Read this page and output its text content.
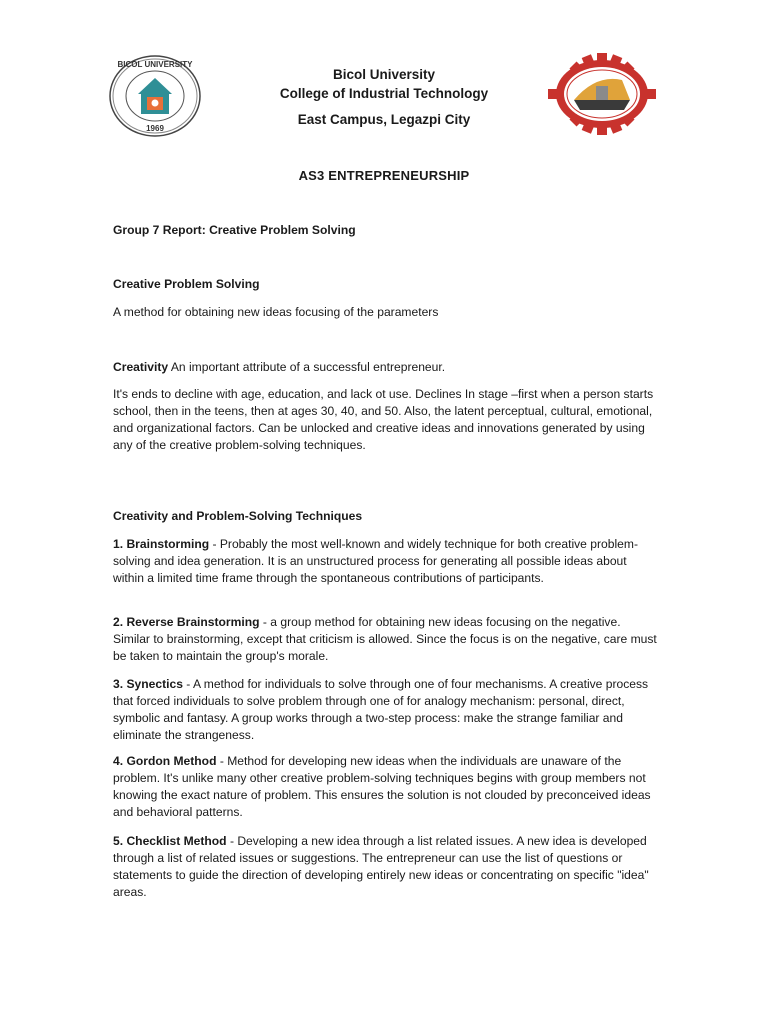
BICOL UNIVERSITY
1969
Bicol University
College of Industrial Technology
East Campus, Legazpi City
AS3 ENTREPRENEURSHIP
Group 7 Report: Creative Problem Solving
Creative Problem Solving
A method for obtaining new ideas focusing of the parameters
Creativity An important attribute of a successful entrepreneur.
It's ends to decline with age, education, and lack ot use. Declines In stage –first when a person starts school, then in the teens, then at ages 30, 40, and 50. Also, the latent perceptual, cultural, emotional, and organizational factors. Can be unlocked and creative ideas and innovations generated by using any of the creative problem-solving techniques.
Creativity and Problem-Solving Techniques
1. Brainstorming - Probably the most well-known and widely technique for both creative problem-solving and idea generation. It is an unstructured process for generating all possible ideas about within a limited time frame through the spontaneous contributions of participants.
2. Reverse Brainstorming - a group method for obtaining new ideas focusing on the negative. Similar to brainstorming, except that criticism is allowed. Since the focus is on the negative, care must be taken to maintain the group's morale.
3. Synectics - A method for individuals to solve through one of four mechanisms. A creative process that forced individuals to solve problem through one of for analogy mechanism: personal, direct, symbolic and fantasy. A group works through a two-step process: make the strange familiar and eliminate the strangeness.
4. Gordon Method - Method for developing new ideas when the individuals are unaware of the problem. It's unlike many other creative problem-solving techniques begins with group members not knowing the exact nature of problem. This ensures the solution is not clouded by preconceived ideas and behavioral patterns.
5. Checklist Method - Developing a new idea through a list related issues. A new idea is developed through a list of related issues or suggestions. The entrepreneur can use the list of questions or statements to guide the direction of developing entirely new ideas or concentrating on specific "idea" areas.
